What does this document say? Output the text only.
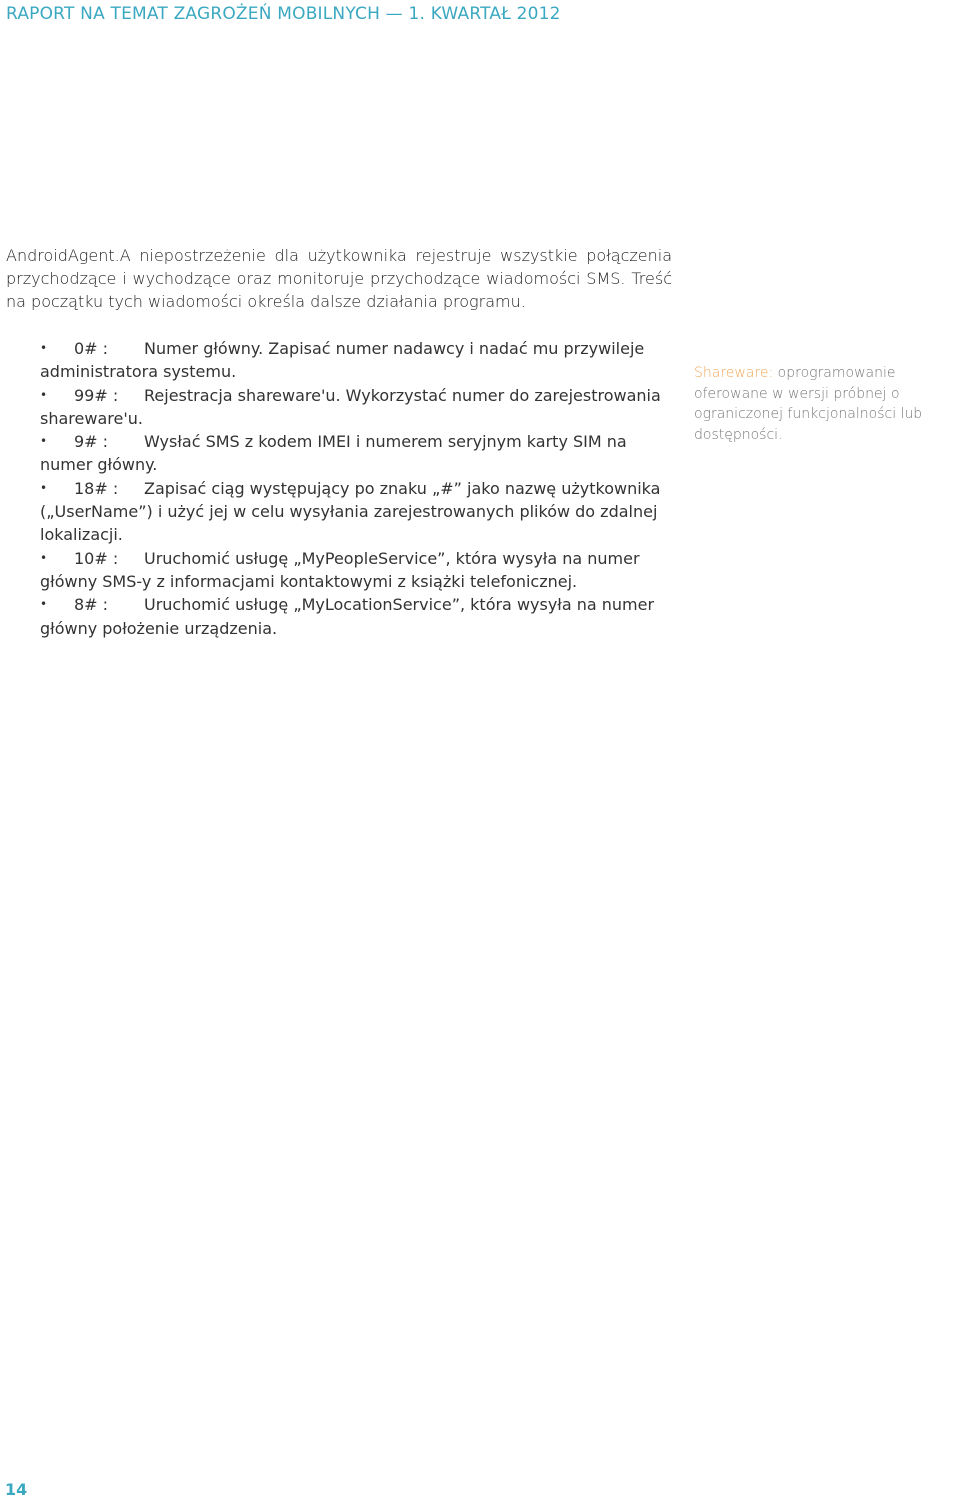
RAPORT NA TEMAT ZAGROŻEŃ MOBILNYCH — 1. KWARTAŁ 2012
AndroidAgent.A niepostrzeżenie dla użytkownika rejestruje wszystkie połączenia przychodzące i wychodzące oraz monitoruje przychodzące wiadomości SMS. Treść na początku tych wiadomości określa dalsze działania programu.
• 0# : Numer główny. Zapisać numer nadawcy i nadać mu przywileje administratora systemu.
• 99# : Rejestracja shareware'u. Wykorzystać numer do zarejestrowania shareware'u.
• 9# : Wysłać SMS z kodem IMEI i numerem seryjnym karty SIM na numer główny.
• 18# : Zapisać ciąg występujący po znaku „#” jako nazwę użytkownika („UserName”) i użyć jej w celu wysyłania zarejestrowanych plików do zdalnej lokalizacji.
• 10# : Uruchomić usługę „MyPeopleService”, która wysyła na numer główny SMS-y z informacjami kontaktowymi z książki telefonicznej.
• 8# : Uruchomić usługę „MyLocationService”, która wysyła na numer główny położenie urządzenia.
Shareware: oprogramowanie oferowane w wersji próbnej o ograniczonej funkcjonalności lub dostępności.
14
